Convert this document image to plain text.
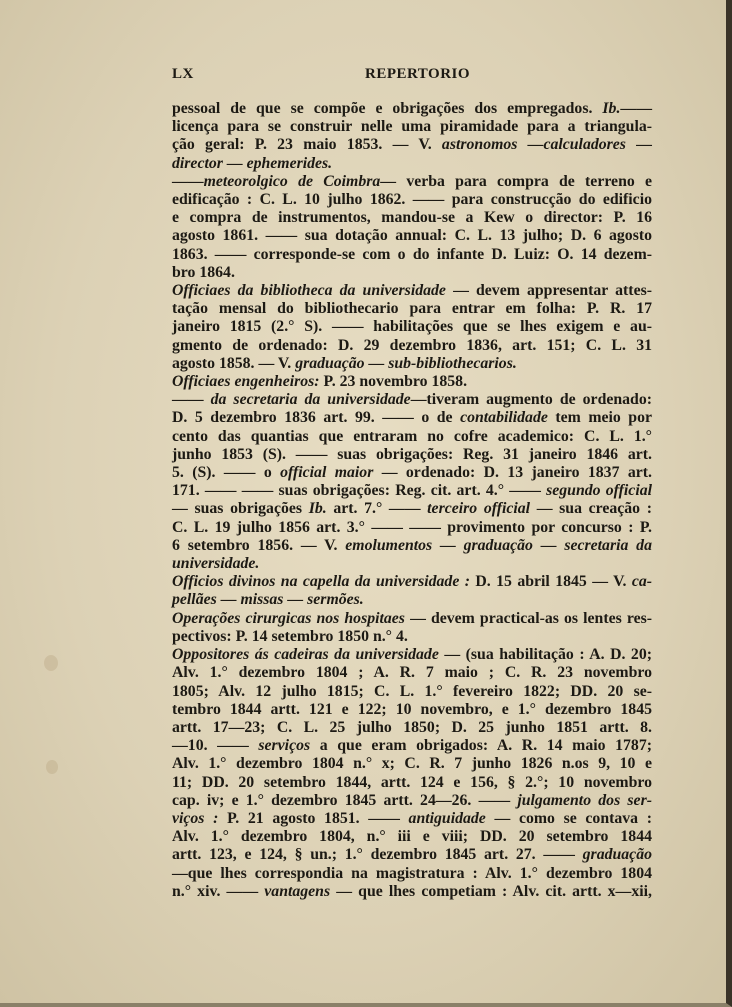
LX	REPERTORIO
pessoal de que se compõe e obrigações dos empregados. Ib.——
licença para se construir nelle uma piramidade para a triangula-
ção geral: P. 23 maio 1853. — V. astronomos —calculadores —
director — ephemerides.
——meteorolgico de Coimbra— verba para compra de terreno e
edificação : C. L. 10 julho 1862. —— para construcção do edificio
e compra de instrumentos, mandou-se a Kew o director: P. 16
agosto 1861. —— sua dotação annual: C. L. 13 julho; D. 6 agosto
1863. —— corresponde-se com o do infante D. Luiz: O. 14 dezem-
bro 1864.
Officiaes da bibliotheca da universidade — devem appresentar attes-
tação mensal do bibliothecario para entrar em folha: P. R. 17
janeiro 1815 (2.° S). —— habilitações que se lhes exigem e au-
gmento de ordenado: D. 29 dezembro 1836, art. 151; C. L. 31
agosto 1858. — V. graduação — sub-bibliothecarios.
Officiaes engenheiros: P. 23 novembro 1858.
—— da secretaria da universidade—tiveram augmento de ordenado:
D. 5 dezembro 1836 art. 99. —— o de contabilidade tem meio por
cento das quantias que entraram no cofre academico: C. L. 1.°
junho 1853 (S). —— suas obrigações: Reg. 31 janeiro 1846 art.
5. (S). —— o official maior — ordenado: D. 13 janeiro 1837 art.
171. —— —— suas obrigações: Reg. cit. art. 4.° —— segundo official
— suas obrigações Ib. art. 7.° —— terceiro official — sua creação :
C. L. 19 julho 1856 art. 3.° —— —— provimento por concurso : P.
6 setembro 1856. — V. emolumentos — graduação — secretaria da
universidade.
Officios divinos na capella da universidade : D. 15 abril 1845 — V. ca-
pellães — missas — sermões.
Operações cirurgicas nos hospitaes — devem practical-as os lentes res-
pectivos: P. 14 setembro 1850 n.° 4.
Oppositores ás cadeiras da universidade — (sua habilitação : A. D. 20;
Alv. 1.° dezembro 1804 ; A. R. 7 maio ; C. R. 23 novembro
1805; Alv. 12 julho 1815; C. L. 1.° fevereiro 1822; DD. 20 se-
tembro 1844 artt. 121 e 122; 10 novembro, e 1.° dezembro 1845
artt. 17—23; C. L. 25 julho 1850; D. 25 junho 1851 artt. 8.
—10. —— serviços a que eram obrigados: A. R. 14 maio 1787;
Alv. 1.° dezembro 1804 n.° x; C. R. 7 junho 1826 n.os 9, 10 e
11; DD. 20 setembro 1844, artt. 124 e 156, § 2.°; 10 novembro
cap. iv; e 1.° dezembro 1845 artt. 24—26. —— julgamento dos ser-
viços : P. 21 agosto 1851. —— antiguidade — como se contava :
Alv. 1.° dezembro 1804, n.° iii e viii; DD. 20 setembro 1844
artt. 123, e 124, § un.; 1.° dezembro 1845 art. 27. —— graduação
—que lhes correspondia na magistratura : Alv. 1.° dezembro 1804
n.° xiv. —— vantagens — que lhes competiam : Alv. cit. artt. x—xii,
